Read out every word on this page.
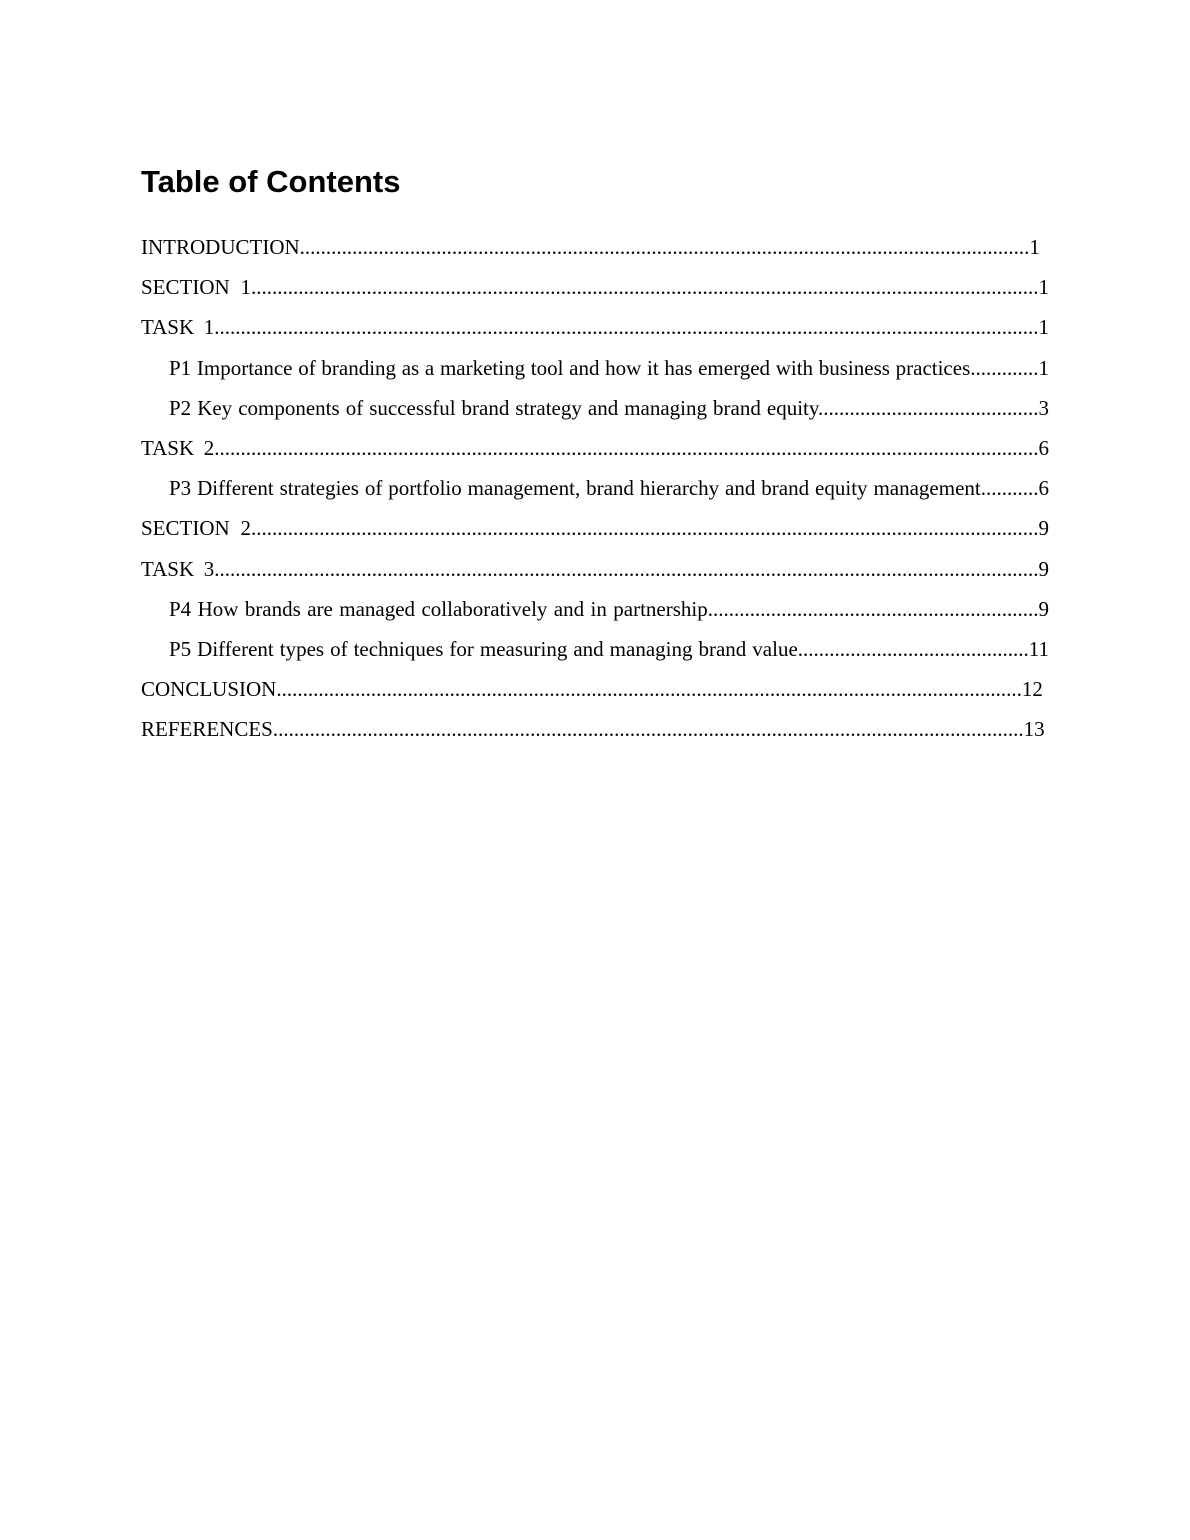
Table of Contents
INTRODUCTION...........................................................................................................................................1
SECTION 1......................................................................................................................................................1
TASK 1.............................................................................................................................................................1
P1 Importance of branding as a marketing tool and how it has emerged with business practices.............1
P2 Key components of successful brand strategy and managing brand equity..........................................3
TASK 2.............................................................................................................................................................6
P3 Different strategies of portfolio management, brand hierarchy and brand equity management...........6
SECTION 2......................................................................................................................................................9
TASK 3.............................................................................................................................................................9
P4 How brands are managed collaboratively and in partnership...............................................................9
P5 Different types of techniques for measuring and managing brand value............................................11
CONCLUSION..............................................................................................................................................12
REFERENCES...............................................................................................................................................13
